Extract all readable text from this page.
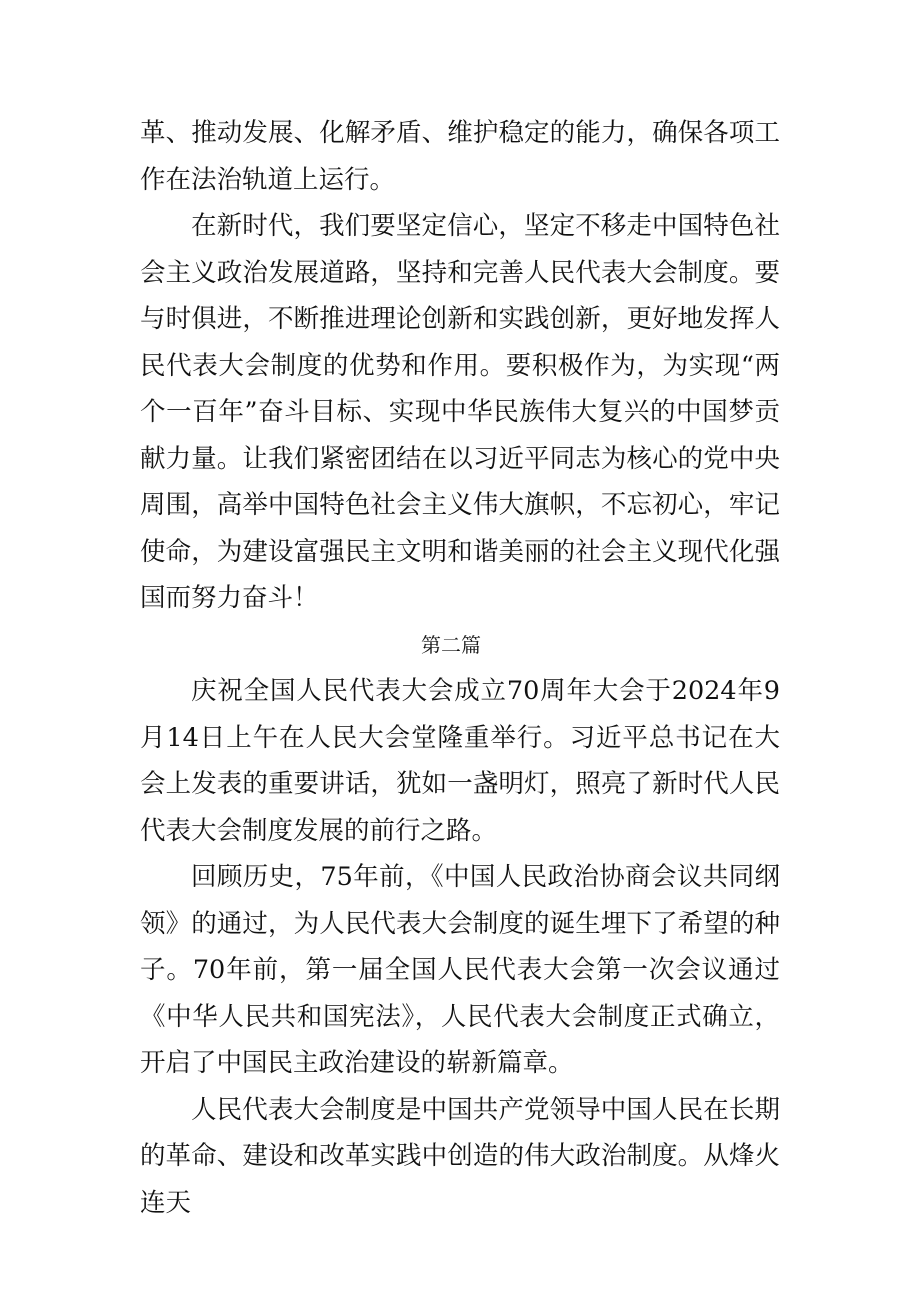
革、推动发展、化解矛盾、维护稳定的能力，确保各项工作在法治轨道上运行。

在新时代，我们要坚定信心，坚定不移走中国特色社会主义政治发展道路，坚持和完善人民代表大会制度。要与时俱进，不断推进理论创新和实践创新，更好地发挥人民代表大会制度的优势和作用。要积极作为，为实现“两个一百年”奋斗目标、实现中华民族伟大复兴的中国梦贡献力量。让我们紧密团结在以习近平同志为核心的党中央周围，高举中国特色社会主义伟大旗帜，不忘初心，牢记使命，为建设富强民主文明和谐美丽的社会主义现代化强国而努力奋斗！

第二篇

庆祝全国人民代表大会成立70周年大会于2024年9月14日上午在人民大会堂隆重举行。习近平总书记在大会上发表的重要讲话，犹如一盏明灯，照亮了新时代人民代表大会制度发展的前行之路。

回顾历史，75年前，《中国人民政治协商会议共同纲领》的通过，为人民代表大会制度的诞生埋下了希望的种子。70年前，第一届全国人民代表大会第一次会议通过《中华人民共和国宪法》，人民代表大会制度正式确立，开启了中国民主政治建设的崭新篇章。

人民代表大会制度是中国共产党领导中国人民在长期的革命、建设和改革实践中创造的伟大政治制度。从烽火连天
